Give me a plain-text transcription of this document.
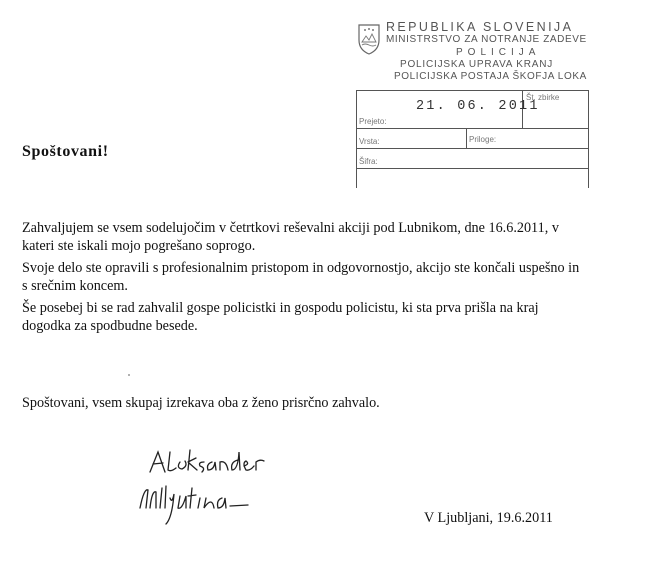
REPUBLIKA SLOVENIJA
MINISTRSTVO ZA NOTRANJE ZADEVE
POLICIJA
POLICIJSKA UPRAVA KRANJ
POLICIJSKA POSTAJA ŠKOFJA LOKA
Prejeto:
21. 06. 2011
Št. zbirke
Vrsta:	Priloge:
Šifra:
Spoštovani!
Zahvaljujem se vsem sodelujočim v četrtkovi reševalni akciji pod Lubnikom, dne 16.6.2011, v kateri ste iskali mojo pogrešano soprogo.
Svoje delo ste opravili s profesionalnim pristopom in odgovornostjo, akcijo ste končali uspešno in s srečnim koncem.
Še posebej bi se rad zahvalil gospe policistki in gospodu policistu, ki sta prva prišla na kraj dogodka za spodbudne besede.
Spoštovani, vsem skupaj izrekava oba z ženo prisrčno zahvalo.
V Ljubljani, 19.6.2011
